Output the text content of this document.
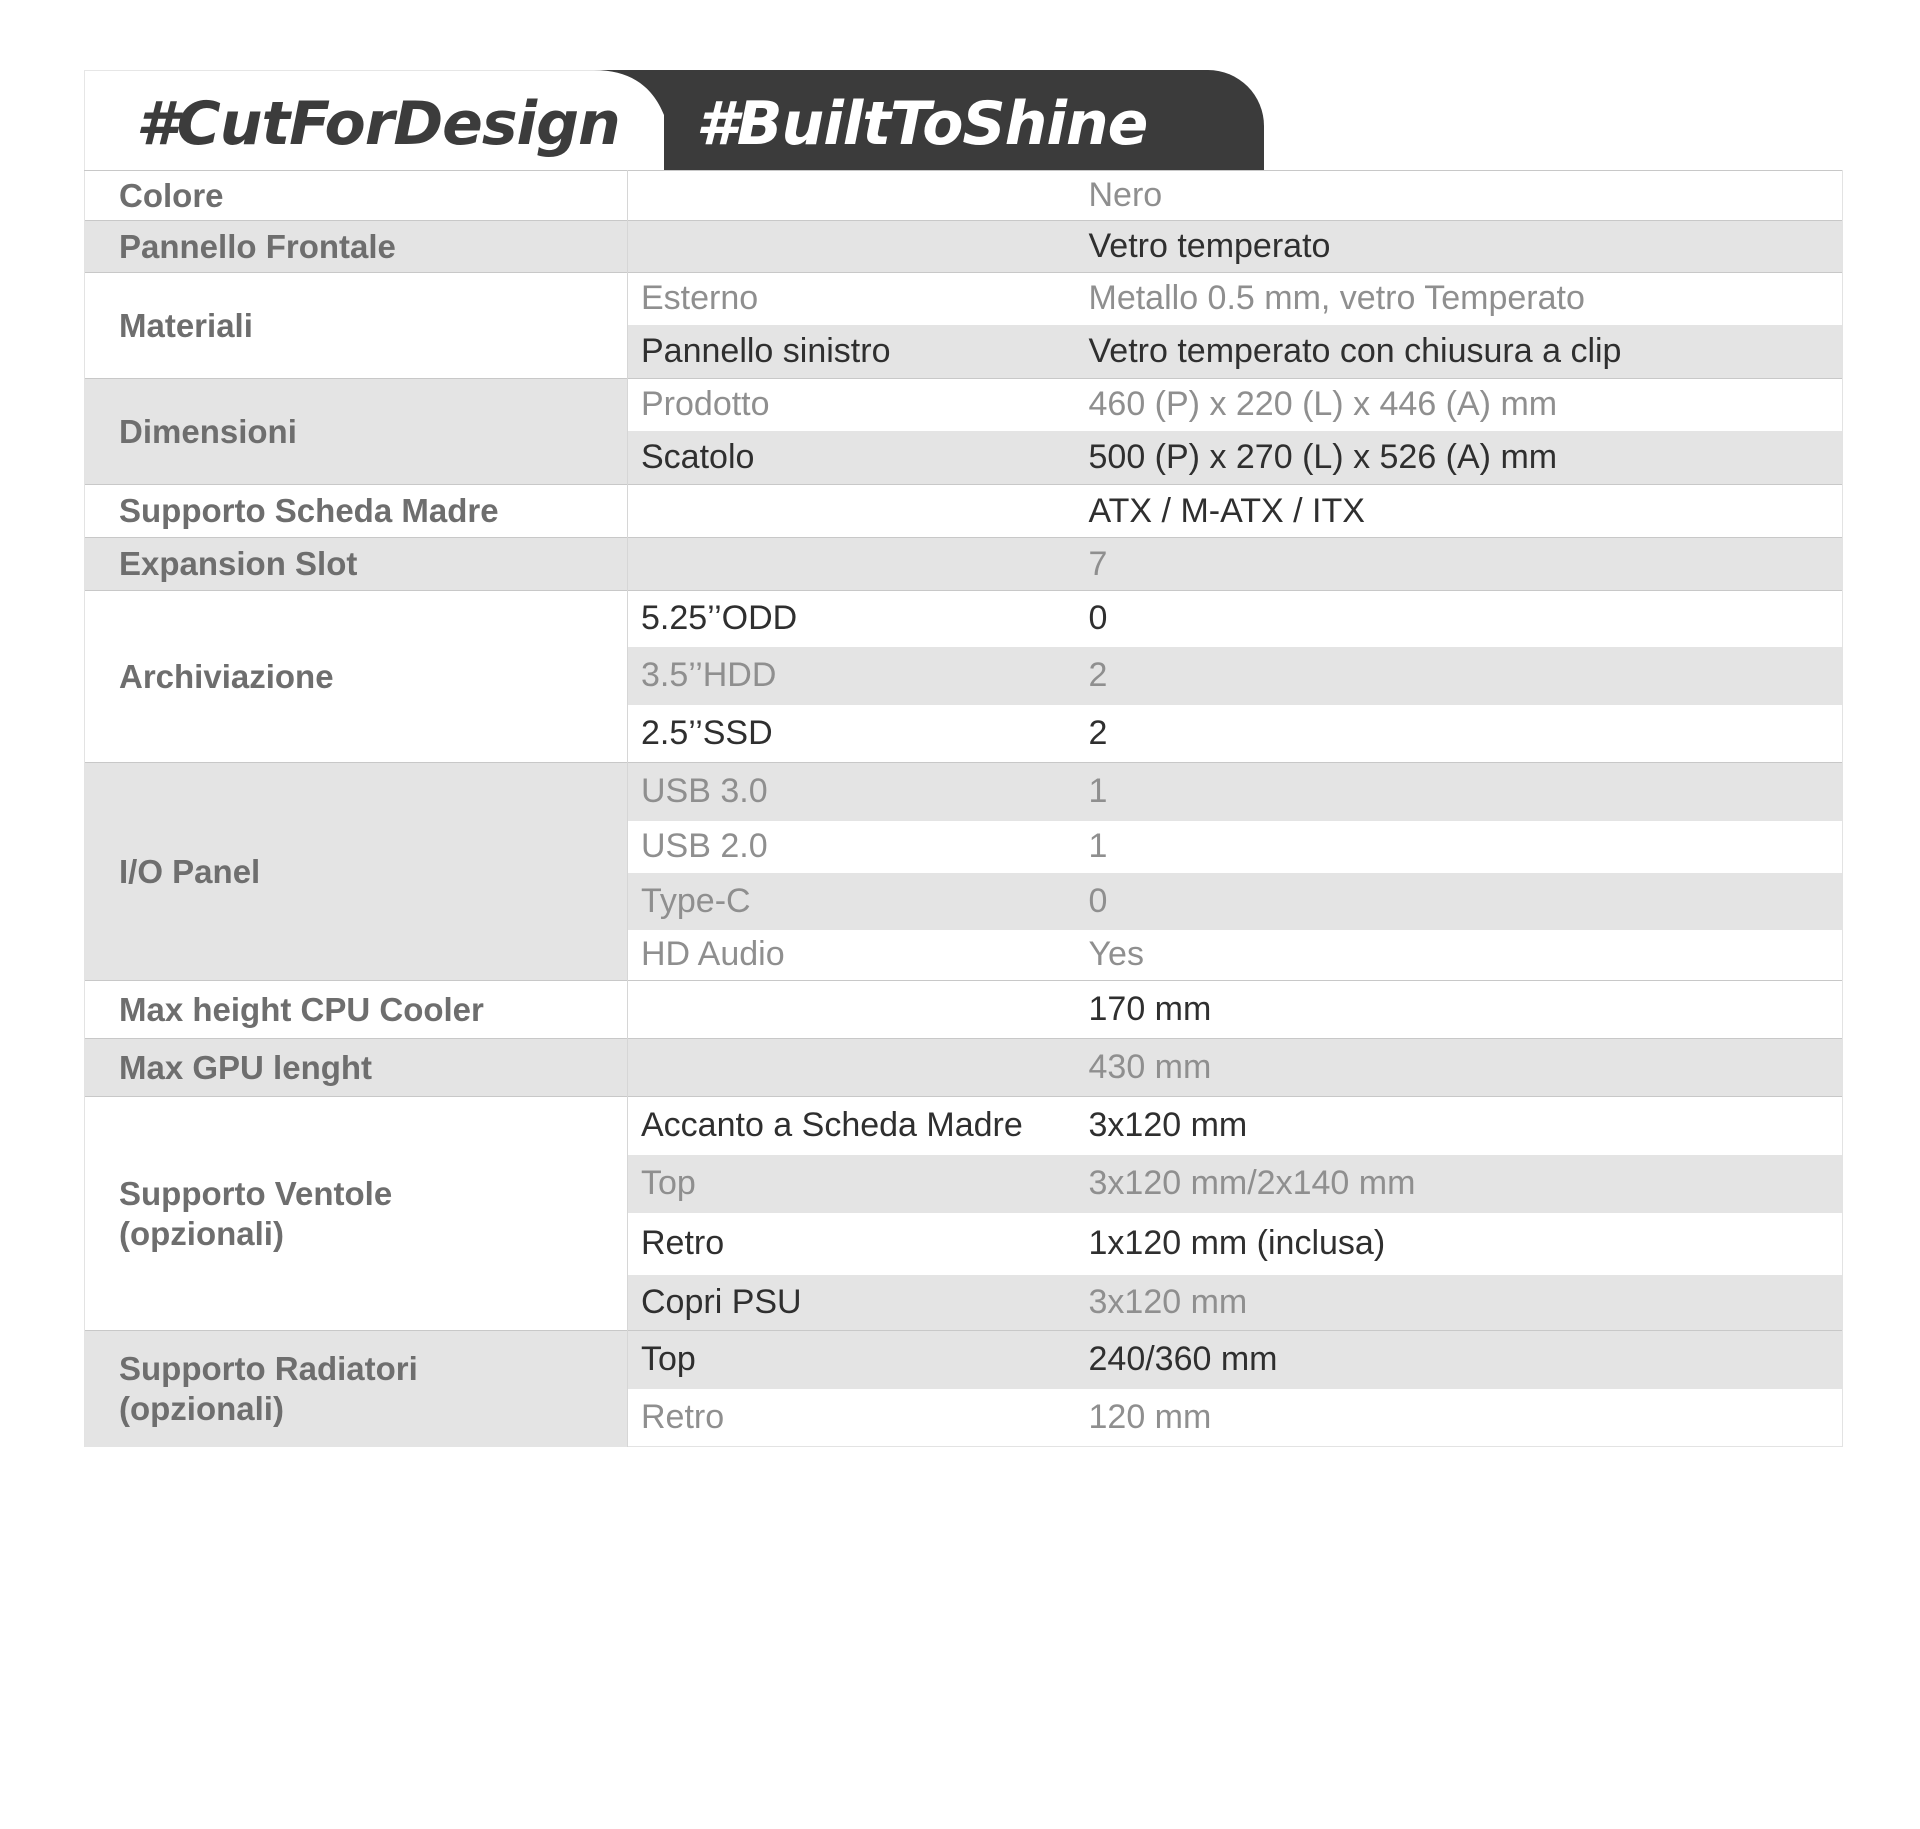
#CutForDesign #BuiltToShine
Colore		Nero

Pannello Frontale		Vetro temperato

Materiali	Esterno	Metallo 0.5 mm, vetro Temperato
	Pannello sinistro	Vetro temperato con chiusura a clip

Dimensioni	Prodotto	460 (P) x 220 (L) x 446 (A) mm
	Scatolo	500 (P) x 270 (L) x 526 (A) mm

Supporto Scheda Madre		ATX / M-ATX / ITX

Expansion Slot		7

Archiviazione	5.25’’ODD	0
	3.5’’HDD	2
	2.5’’SSD	2

I/O Panel	USB 3.0	1
	USB 2.0	1
	Type-C	0
	HD Audio	Yes

Max height CPU Cooler		170 mm

Max GPU lenght		430 mm

Supporto Ventole
(opzionali)	Accanto a Scheda Madre	3x120 mm
	Top	3x120 mm/2x140 mm
	Retro	1x120 mm (inclusa)
	Copri PSU	3x120 mm

Supporto Radiatori
(opzionali)	Top	240/360 mm
	Retro	120 mm
